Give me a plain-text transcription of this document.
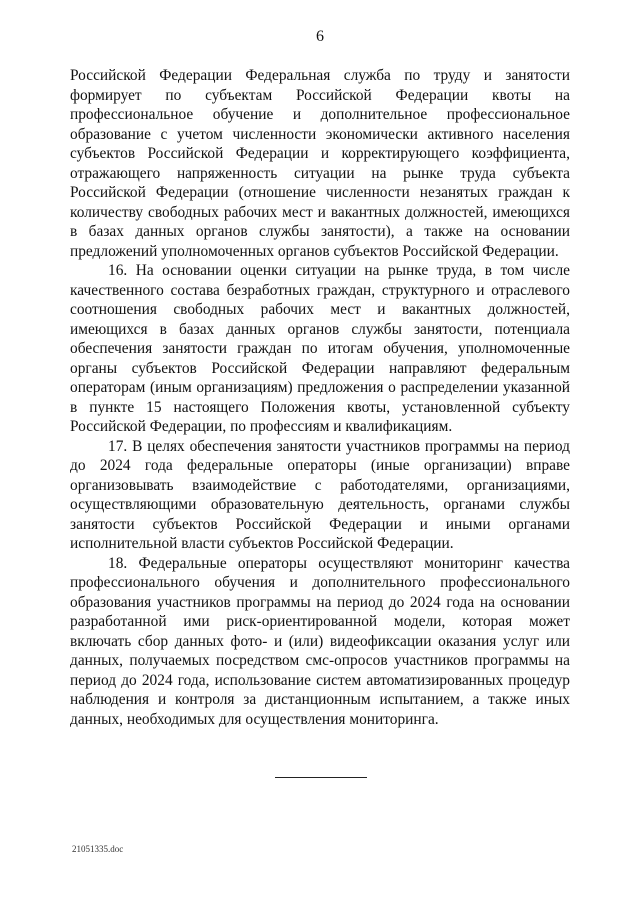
6
Российской Федерации Федеральная служба по труду и занятости
формирует по субъектам Российской Федерации квоты на
профессиональное обучение и дополнительное профессиональное
образование с учетом численности экономически активного населения
субъектов Российской Федерации и корректирующего коэффициента,
отражающего напряженность ситуации на рынке труда субъекта
Российской Федерации (отношение численности незанятых граждан к
количеству свободных рабочих мест и вакантных должностей, имеющихся
в базах данных органов службы занятости), а также на основании
предложений уполномоченных органов субъектов Российской Федерации.
16. На основании оценки ситуации на рынке труда, в том числе
качественного состава безработных граждан, структурного и отраслевого
соотношения свободных рабочих мест и вакантных должностей,
имеющихся в базах данных органов службы занятости, потенциала
обеспечения занятости граждан по итогам обучения, уполномоченные
органы субъектов Российской Федерации направляют федеральным
операторам (иным организациям) предложения о распределении указанной
в пункте 15 настоящего Положения квоты, установленной субъекту
Российской Федерации, по профессиям и квалификациям.
17. В целях обеспечения занятости участников программы на период
до 2024 года федеральные операторы (иные организации) вправе
организовывать взаимодействие с работодателями, организациями,
осуществляющими образовательную деятельность, органами службы
занятости субъектов Российской Федерации и иными органами
исполнительной власти субъектов Российской Федерации.
18. Федеральные операторы осуществляют мониторинг качества
профессионального обучения и дополнительного профессионального
образования участников программы на период до 2024 года на основании
разработанной ими риск-ориентированной модели, которая может
включать сбор данных фото- и (или) видеофиксации оказания услуг или
данных, получаемых посредством смс-опросов участников программы на
период до 2024 года, использование систем автоматизированных процедур
наблюдения и контроля за дистанционным испытанием, а также иных
данных, необходимых для осуществления мониторинга.
21051335.doc
